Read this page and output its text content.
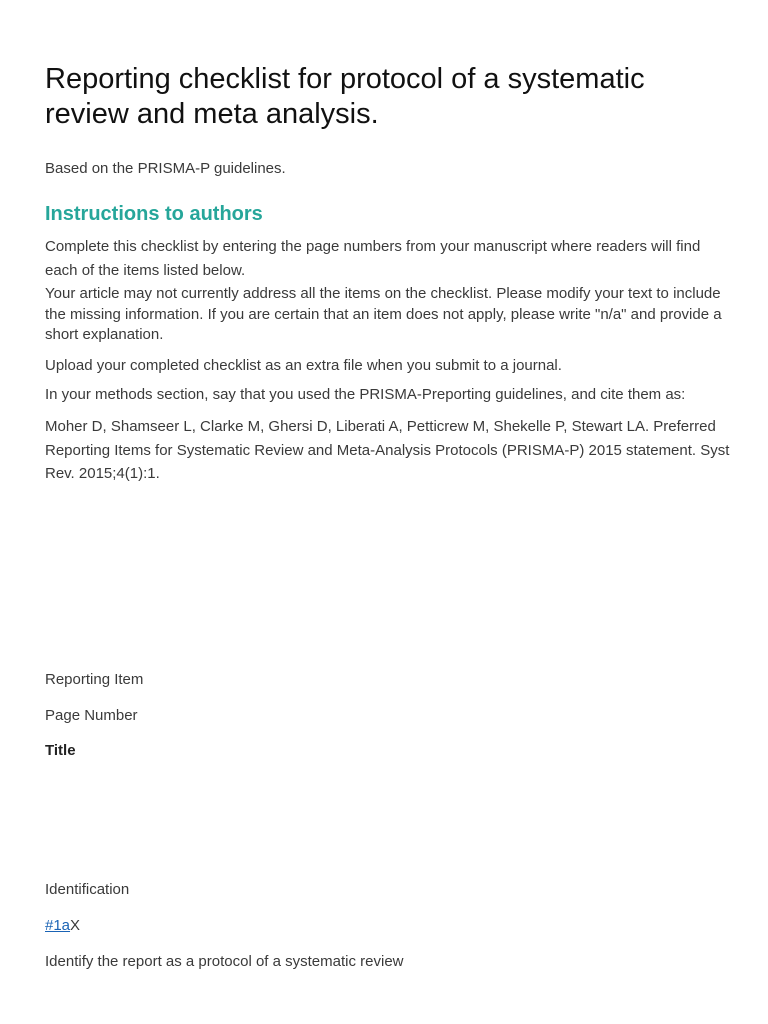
Reporting checklist for protocol of a systematic review and meta analysis.
Based on the PRISMA-P guidelines.
Instructions to authors

Complete this checklist by entering the page numbers from your manuscript where readers will find each of the items listed below.

Your article may not currently address all the items on the checklist. Please modify your text to include the missing information. If you are certain that an item does not apply, please write "n/a" and provide a short explanation.

Upload your completed checklist as an extra file when you submit to a journal.

In your methods section, say that you used the PRISMA-Preporting guidelines, and cite them as:

Moher D, Shamseer L, Clarke M, Ghersi D, Liberati A, Petticrew M, Shekelle P, Stewart LA. Preferred Reporting Items for Systematic Review and Meta-Analysis Protocols (PRISMA-P) 2015 statement. Syst Rev. 2015;4(1):1.

Reporting Item
Page Number
Title
Identification
#1aX
Identify the report as a protocol of a systematic review
